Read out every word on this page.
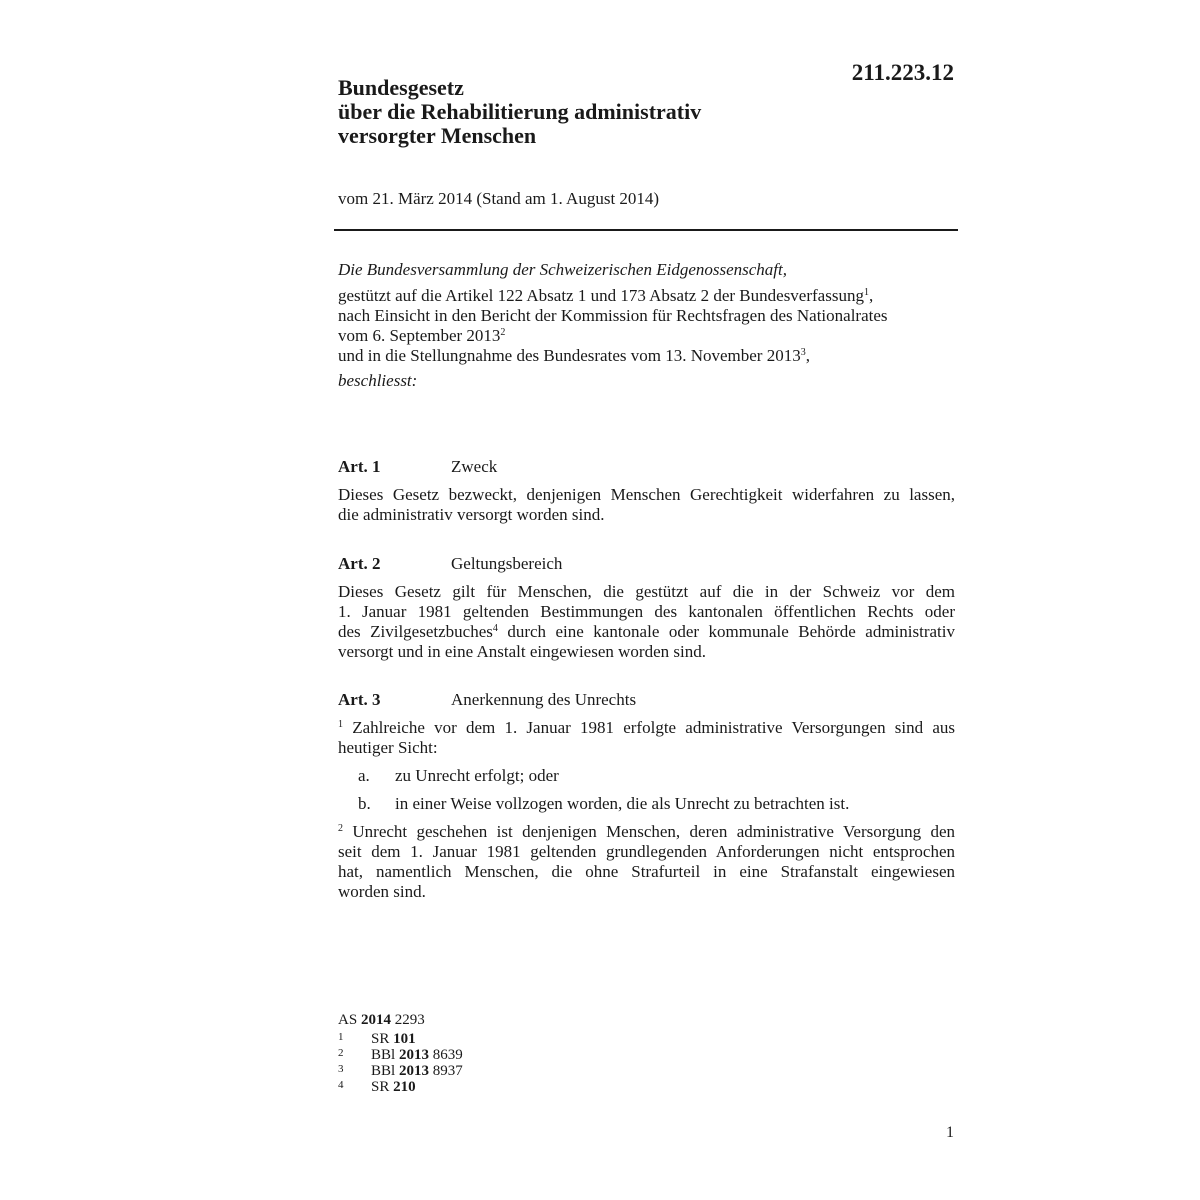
211.223.12
Bundesgesetz
über die Rehabilitierung administrativ
versorgter Menschen
vom 21. März 2014 (Stand am 1. August 2014)
Die Bundesversammlung der Schweizerischen Eidgenossenschaft,
gestützt auf die Artikel 122 Absatz 1 und 173 Absatz 2 der Bundesverfassung$^1$,
nach Einsicht in den Bericht der Kommission für Rechtsfragen des Nationalrates
vom 6. September 2013$^2$
und in die Stellungnahme des Bundesrates vom 13. November 2013$^3$,
beschliesst:
Art. 1	Zweck
Dieses Gesetz bezweckt, denjenigen Menschen Gerechtigkeit widerfahren zu lassen,
die administrativ versorgt worden sind.
Art. 2	Geltungsbereich
Dieses Gesetz gilt für Menschen, die gestützt auf die in der Schweiz vor dem
1. Januar 1981 geltenden Bestimmungen des kantonalen öffentlichen Rechts oder
des Zivilgesetzbuches$^4$ durch eine kantonale oder kommunale Behörde administrativ
versorgt und in eine Anstalt eingewiesen worden sind.
Art. 3	Anerkennung des Unrechts
$^1$ Zahlreiche vor dem 1. Januar 1981 erfolgte administrative Versorgungen sind aus
heutiger Sicht:
a.	zu Unrecht erfolgt; oder
b.	in einer Weise vollzogen worden, die als Unrecht zu betrachten ist.
$^2$ Unrecht geschehen ist denjenigen Menschen, deren administrative Versorgung den
seit dem 1. Januar 1981 geltenden grundlegenden Anforderungen nicht entsprochen
hat, namentlich Menschen, die ohne Strafurteil in eine Strafanstalt eingewiesen
worden sind.
AS 2014 2293
1	SR 101
2	BBl 2013 8639
3	BBl 2013 8937
4	SR 210
1
